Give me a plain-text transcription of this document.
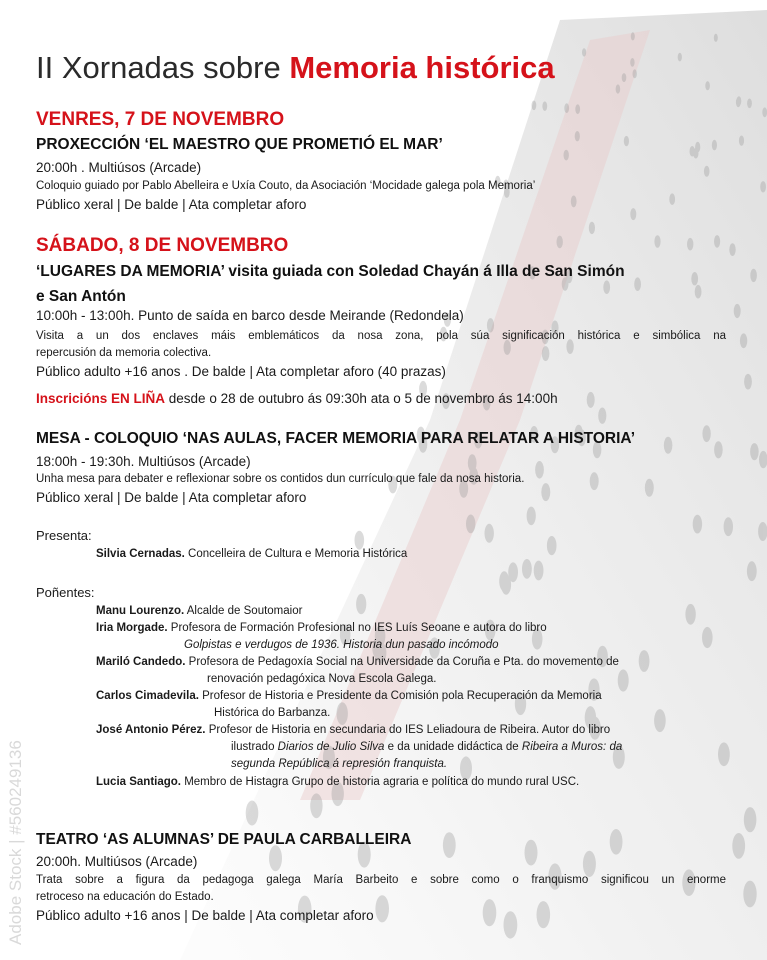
II Xornadas sobre Memoria histórica
VENRES, 7 DE NOVEMBRO
PROXECCIÓN ‘EL MAESTRO QUE PROMETIÓ EL MAR’
20:00h . Multiúsos (Arcade)
Coloquio guiado por Pablo Abelleira e Uxía Couto, da Asociación ‘Mocidade galega pola Memoria’
Público xeral | De balde | Ata completar aforo
SÁBADO, 8 DE NOVEMBRO
‘LUGARES DA MEMORIA’ visita guiada con Soledad Chayán á Illa de San Simón
e San Antón
10:00h - 13:00h. Punto de saída en barco desde Meirande (Redondela)
Visita a un dos enclaves máis emblemáticos da nosa zona, pola súa significación histórica e simbólica na
repercusión da memoria colectiva.
Público adulto +16 anos . De balde | Ata completar aforo (40 prazas)
Inscricións EN LIÑA desde o 28 de outubro ás 09:30h ata o 5 de novembro ás 14:00h
MESA - COLOQUIO ‘NAS AULAS, FACER MEMORIA PARA RELATAR A HISTORIA’
18:00h - 19:30h. Multiúsos (Arcade)
Unha mesa para debater e reflexionar sobre os contidos dun currículo que fale da nosa historia.
Público xeral | De balde | Ata completar aforo
Presenta:
Silvia Cernadas. Concelleira de Cultura e Memoria Histórica
Poñentes:
Manu Lourenzo. Alcalde de Soutomaior
Iria Morgade. Profesora de Formación Profesional no IES Luís Seoane e autora do libro
Golpistas e verdugos de 1936. Historia dun pasado incómodo
Mariló Candedo. Profesora de Pedagoxía Social na Universidade da Coruña e Pta. do movemento de
renovación pedagóxica Nova Escola Galega.
Carlos Cimadevila. Profesor de Historia e Presidente da Comisión pola Recuperación da Memoria
Histórica do Barbanza.
José Antonio Pérez. Profesor de Historia en secundaria do IES Leliadoura de Ribeira. Autor do libro
ilustrado Diarios de Julio Silva e da unidade didáctica de Ribeira a Muros: da
segunda República á represión franquista.
Lucia Santiago. Membro de Histagra Grupo de historia agraria e política do mundo rural USC.
TEATRO ‘AS ALUMNAS’ DE PAULA CARBALLEIRA
20:00h. Multiúsos (Arcade)
Trata sobre a figura da pedagoga galega María Barbeito e sobre como o franquismo significou un enorme
retroceso na educación do Estado.
Público adulto +16 anos | De balde | Ata completar aforo
Adobe Stock | #560249136
